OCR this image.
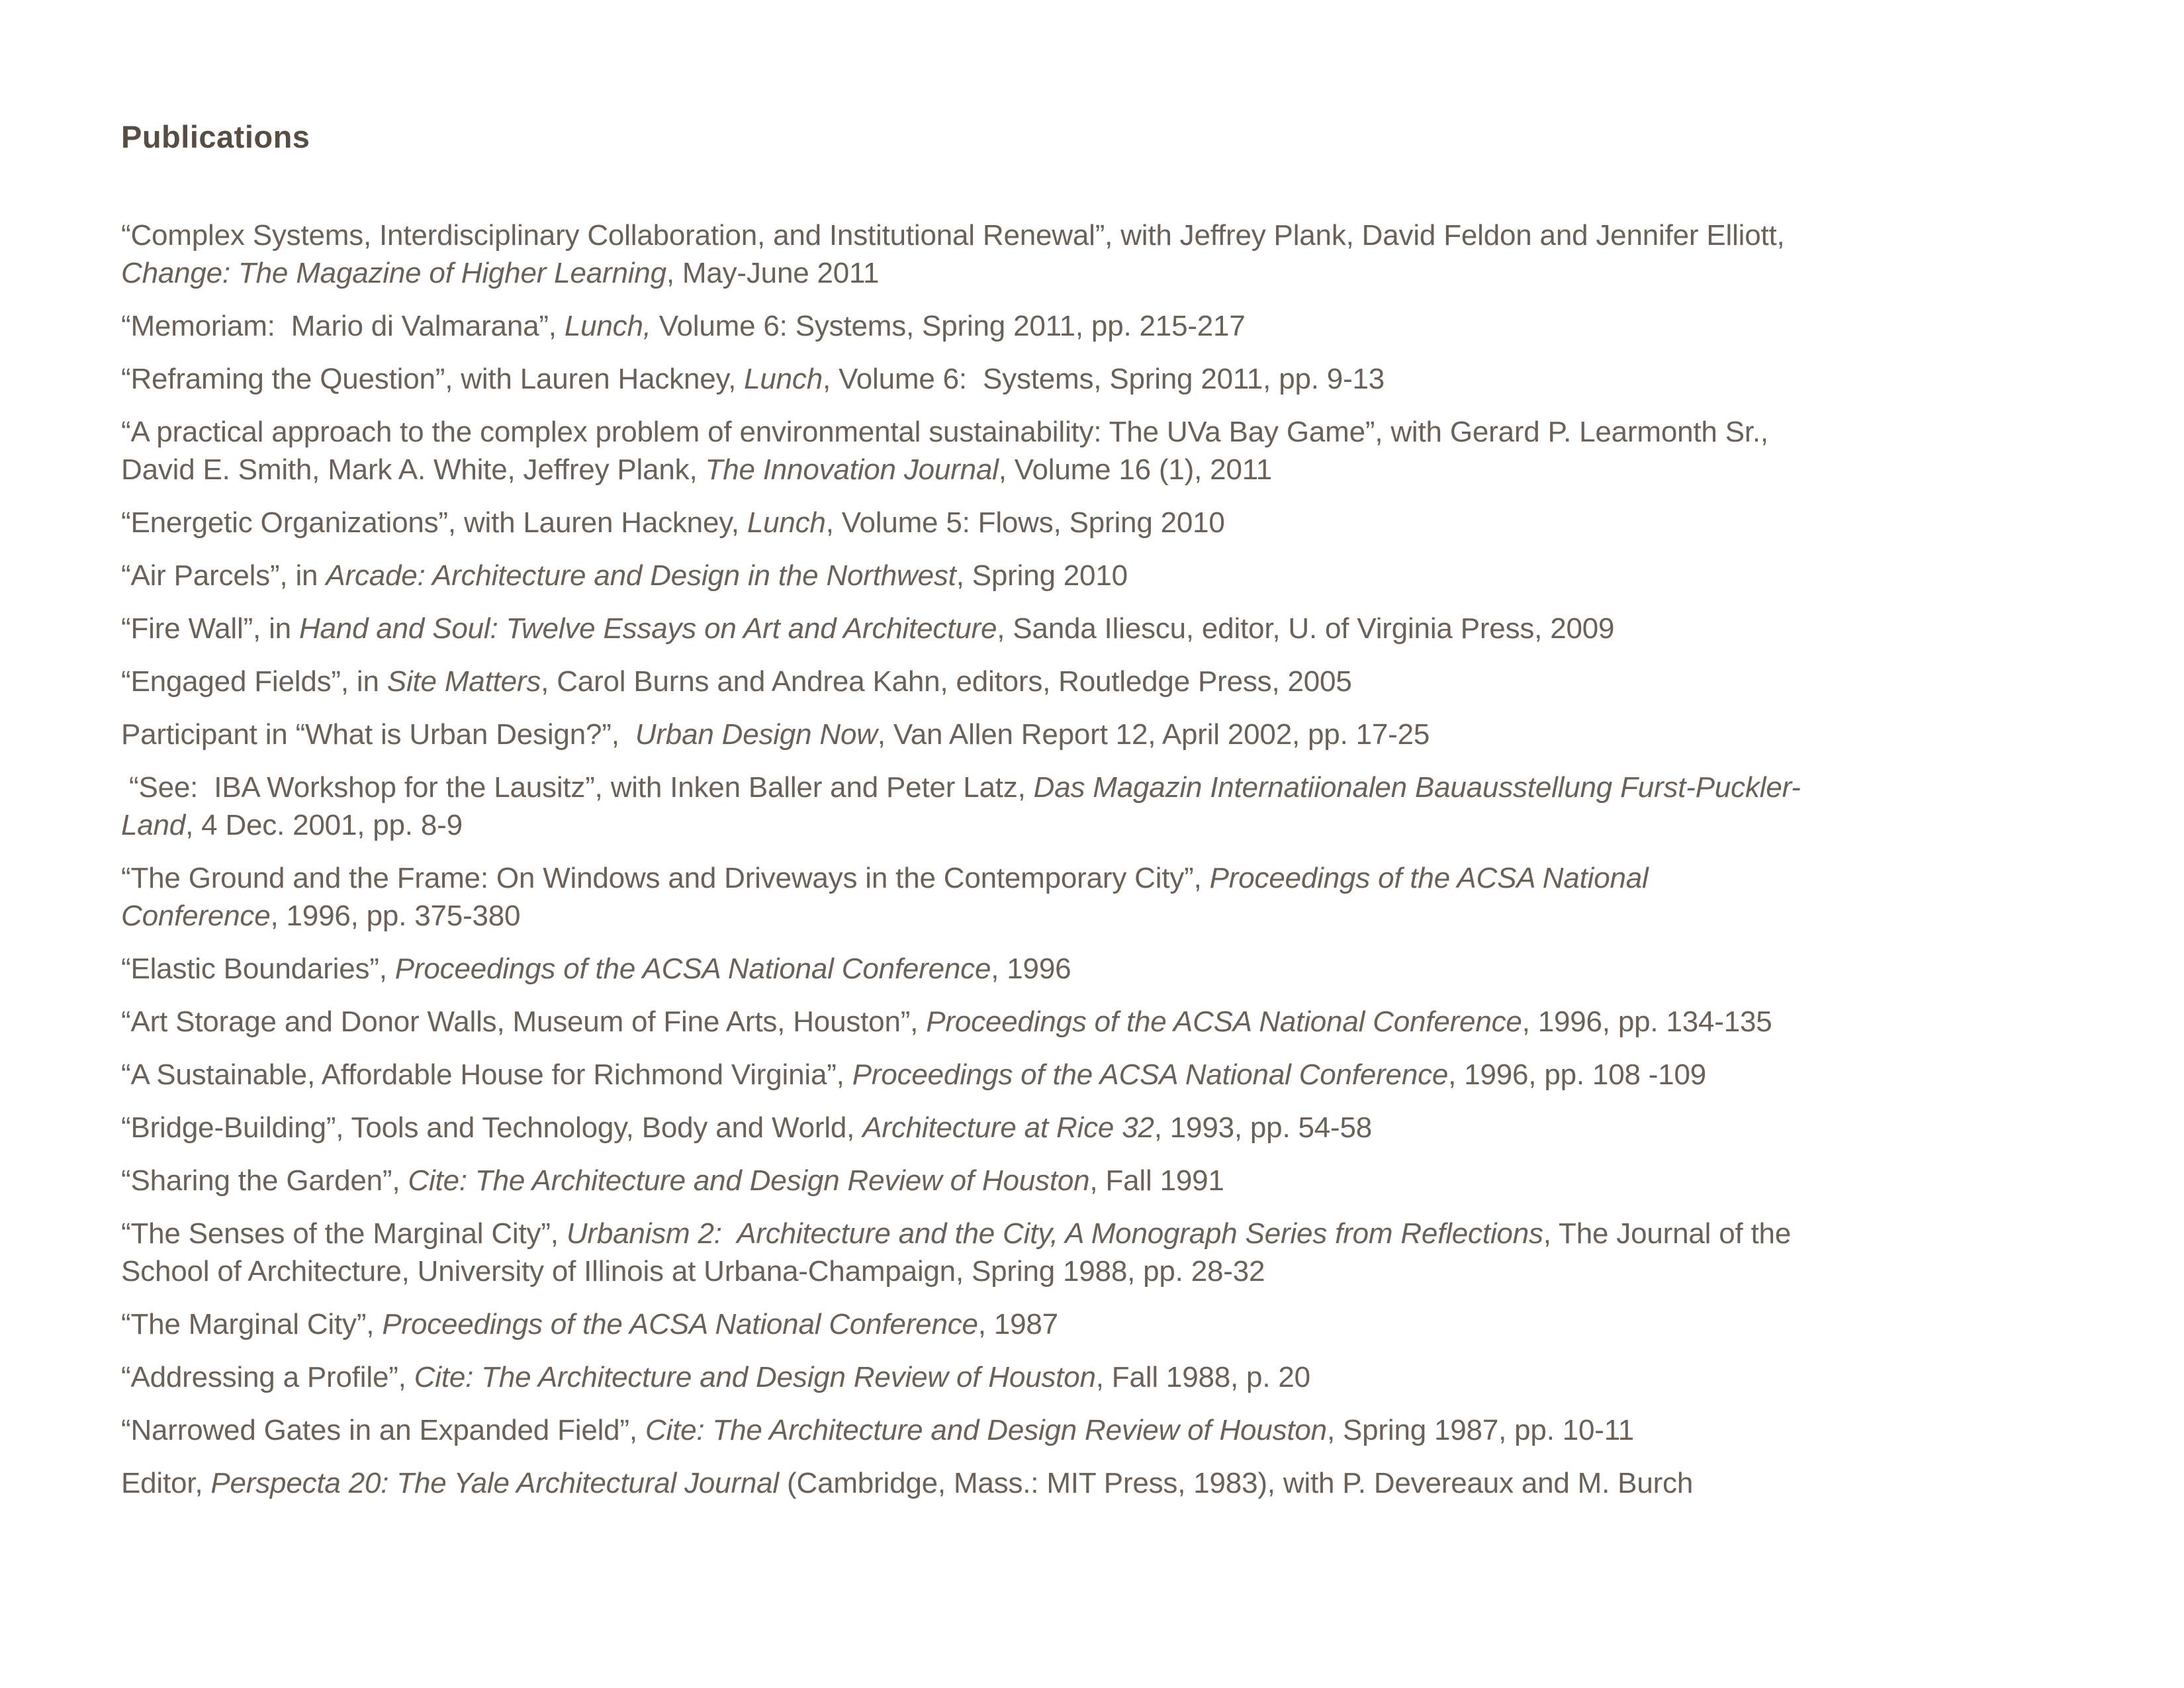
Publications

“Complex Systems, Interdisciplinary Collaboration, and Institutional Renewal”, with Jeffrey Plank, David Feldon and Jennifer Elliott,
Change: The Magazine of Higher Learning, May-June 2011

“Memoriam:  Mario di Valmarana”, Lunch, Volume 6: Systems, Spring 2011, pp. 215-217

“Reframing the Question”, with Lauren Hackney, Lunch, Volume 6:  Systems, Spring 2011, pp. 9-13

“A practical approach to the complex problem of environmental sustainability: The UVa Bay Game”, with Gerard P. Learmonth Sr.,
David E. Smith, Mark A. White, Jeffrey Plank, The Innovation Journal, Volume 16 (1), 2011

“Energetic Organizations”, with Lauren Hackney, Lunch, Volume 5: Flows, Spring 2010

“Air Parcels”, in Arcade: Architecture and Design in the Northwest, Spring 2010

“Fire Wall”, in Hand and Soul: Twelve Essays on Art and Architecture, Sanda Iliescu, editor, U. of Virginia Press, 2009

“Engaged Fields”, in Site Matters, Carol Burns and Andrea Kahn, editors, Routledge Press, 2005

Participant in “What is Urban Design?”,  Urban Design Now, Van Allen Report 12, April 2002, pp. 17-25

“See:  IBA Workshop for the Lausitz”, with Inken Baller and Peter Latz, Das Magazin Internatiionalen Bauausstellung Furst-Puckler-
Land, 4 Dec. 2001, pp. 8-9

“The Ground and the Frame: On Windows and Driveways in the Contemporary City”, Proceedings of the ACSA National
Conference, 1996, pp. 375-380

“Elastic Boundaries”, Proceedings of the ACSA National Conference, 1996

“Art Storage and Donor Walls, Museum of Fine Arts, Houston”, Proceedings of the ACSA National Conference, 1996, pp. 134-135

“A Sustainable, Affordable House for Richmond Virginia”, Proceedings of the ACSA National Conference, 1996, pp. 108 -109

“Bridge-Building”, Tools and Technology, Body and World, Architecture at Rice 32, 1993, pp. 54-58

“Sharing the Garden”, Cite: The Architecture and Design Review of Houston, Fall 1991

“The Senses of the Marginal City”, Urbanism 2:  Architecture and the City, A Monograph Series from Reflections, The Journal of the
School of Architecture, University of Illinois at Urbana-Champaign, Spring 1988, pp. 28-32

“The Marginal City”, Proceedings of the ACSA National Conference, 1987

“Addressing a Profile”, Cite: The Architecture and Design Review of Houston, Fall 1988, p. 20

“Narrowed Gates in an Expanded Field”, Cite: The Architecture and Design Review of Houston, Spring 1987, pp. 10-11

Editor, Perspecta 20: The Yale Architectural Journal (Cambridge, Mass.: MIT Press, 1983), with P. Devereaux and M. Burch
